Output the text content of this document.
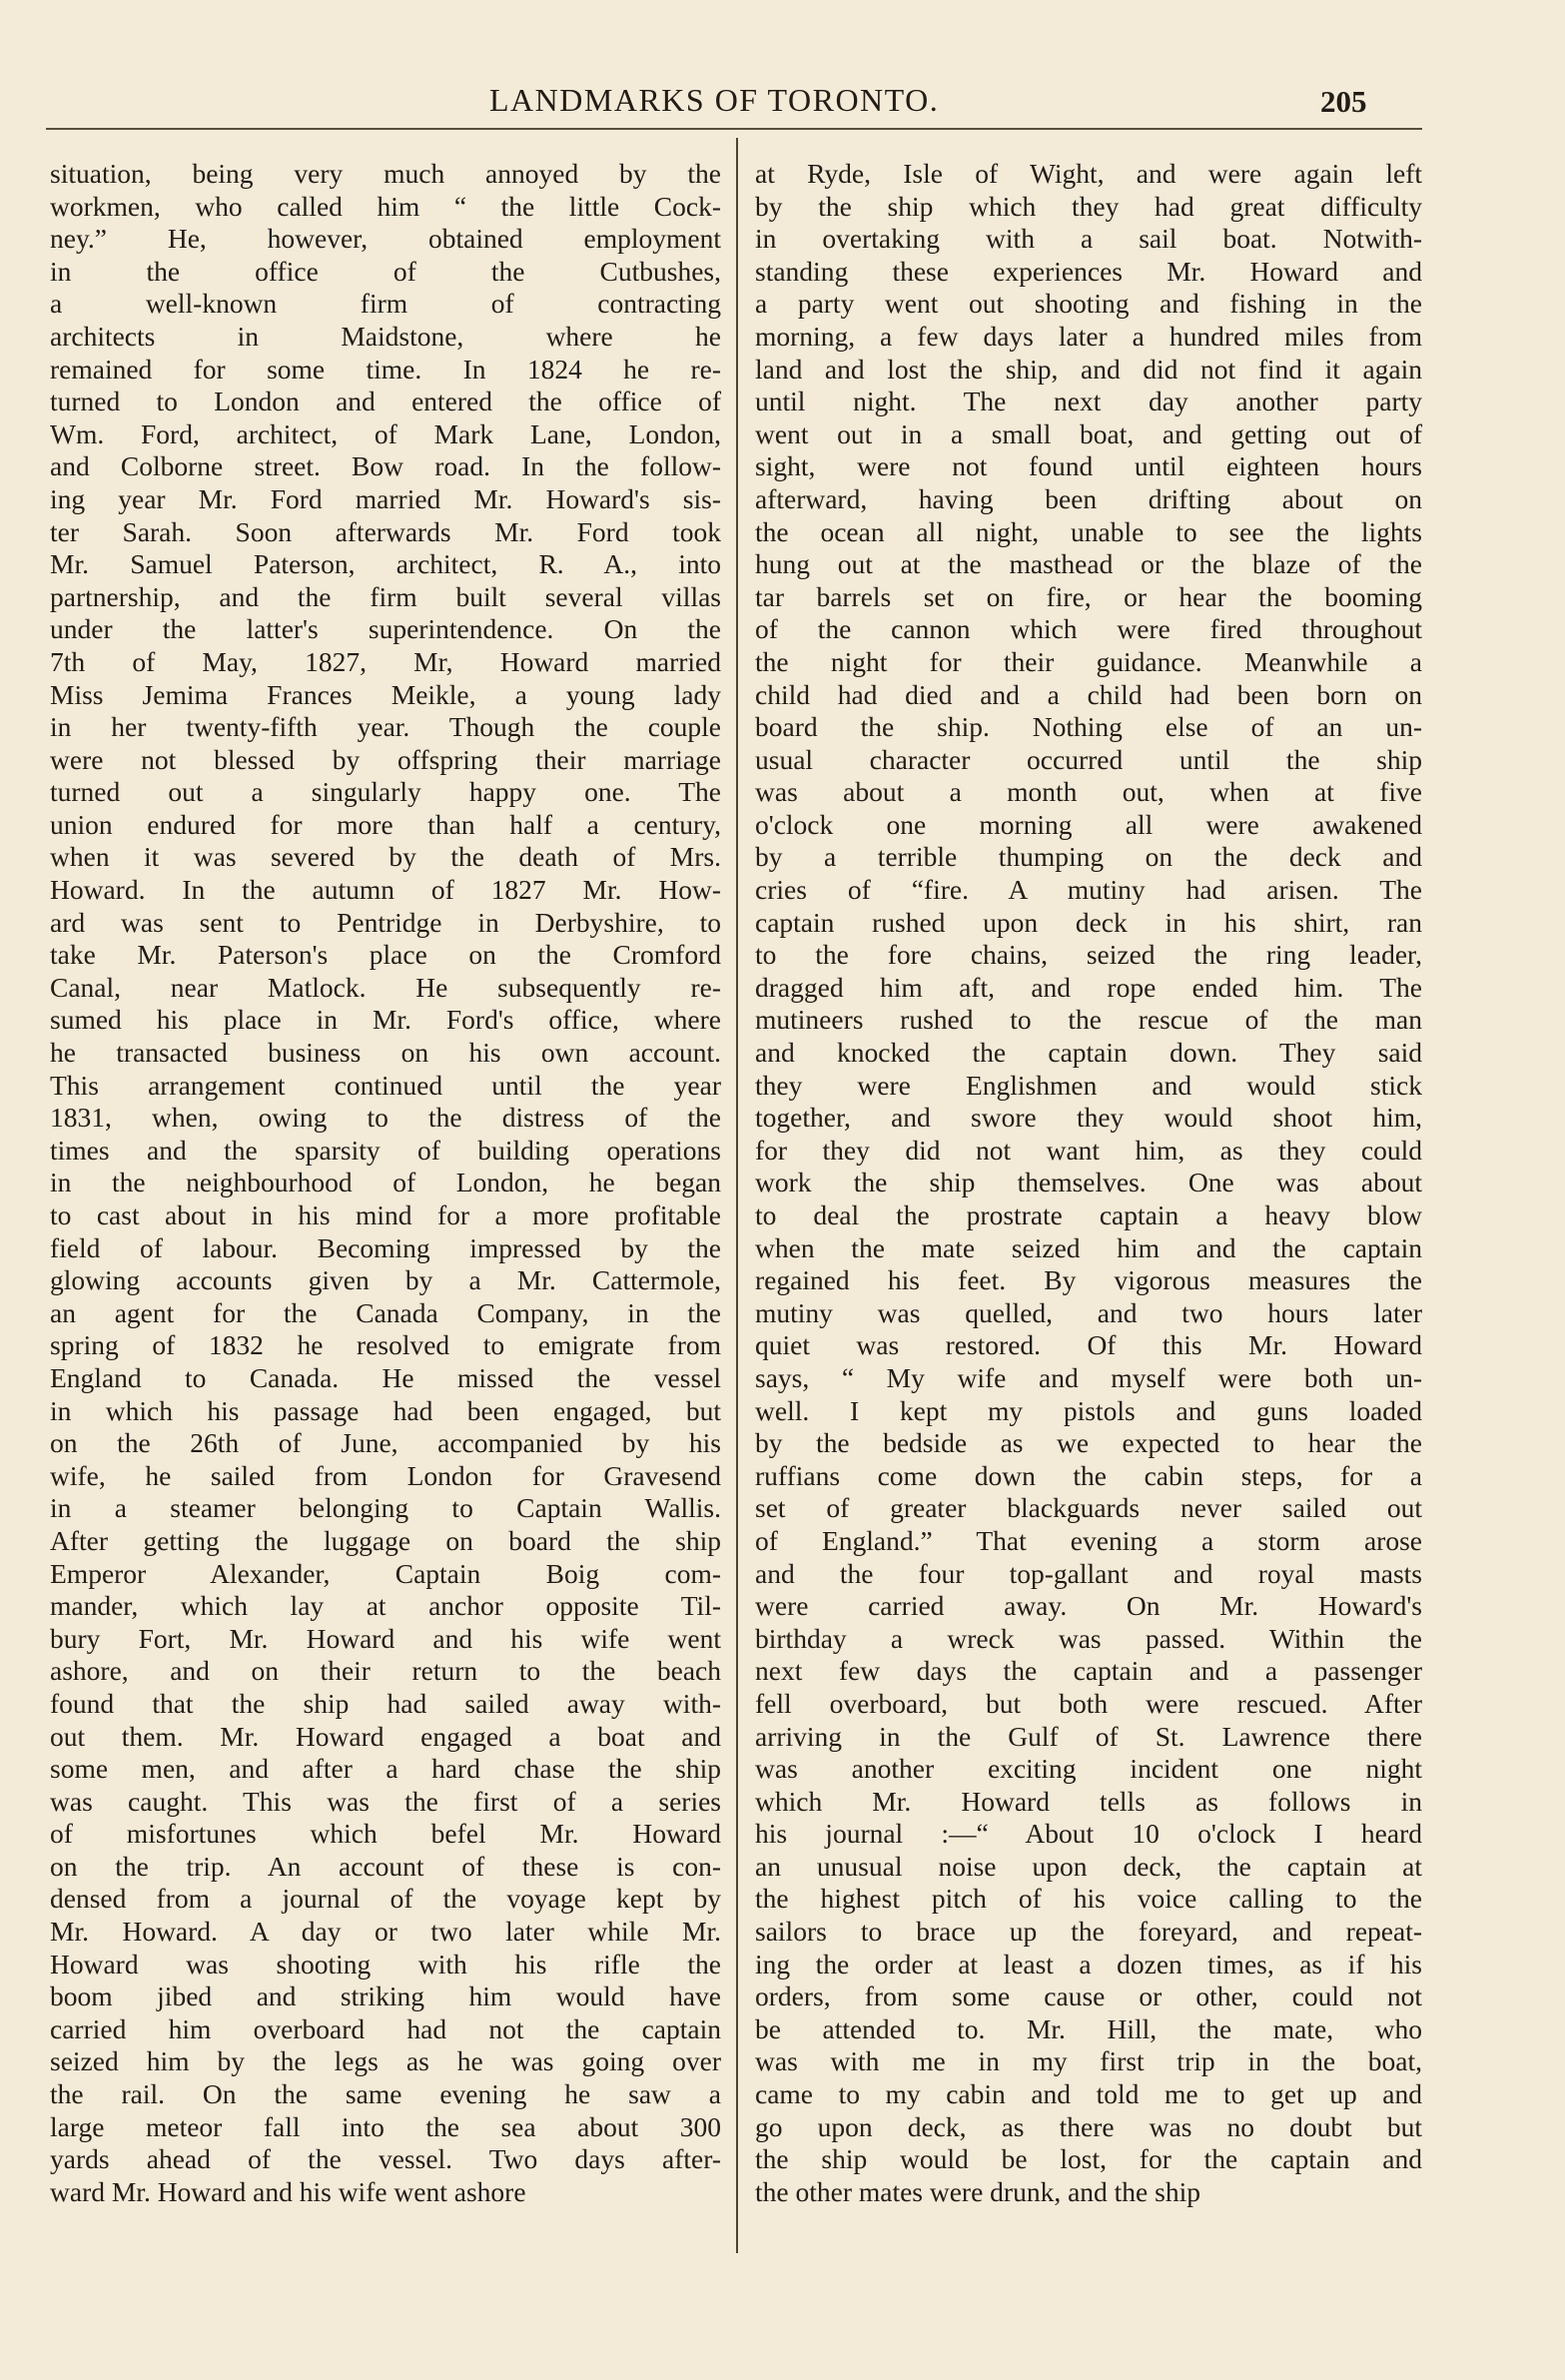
LANDMARKS OF TORONTO.	205
situation, being very much annoyed by the
workmen, who called him “ the little Cock-
ney.” He, however, obtained employment
in the office of the Cutbushes,
a well-known firm of contracting
architects in Maidstone, where he
remained for some time. In 1824 he re-
turned to London and entered the office of
Wm. Ford, architect, of Mark Lane, London,
and Colborne street. Bow road. In the follow-
ing year Mr. Ford married Mr. Howard's sis-
ter Sarah. Soon afterwards Mr. Ford took
Mr. Samuel Paterson, architect, R. A., into
partnership, and the firm built several villas
under the latter's superintendence. On the
7th of May, 1827, Mr, Howard married
Miss Jemima Frances Meikle, a young lady
in her twenty-fifth year. Though the couple
were not blessed by offspring their marriage
turned out a singularly happy one. The
union endured for more than half a century,
when it was severed by the death of Mrs.
Howard. In the autumn of 1827 Mr. How-
ard was sent to Pentridge in Derbyshire, to
take Mr. Paterson's place on the Cromford
Canal, near Matlock. He subsequently re-
sumed his place in Mr. Ford's office, where
he transacted business on his own account.
This arrangement continued until the year
1831, when, owing to the distress of the
times and the sparsity of building operations
in the neighbourhood of London, he began
to cast about in his mind for a more profitable
field of labour. Becoming impressed by the
glowing accounts given by a Mr. Cattermole,
an agent for the Canada Company, in the
spring of 1832 he resolved to emigrate from
England to Canada. He missed the vessel
in which his passage had been engaged, but
on the 26th of June, accompanied by his
wife, he sailed from London for Gravesend
in a steamer belonging to Captain Wallis.
After getting the luggage on board the ship
Emperor Alexander, Captain Boig com-
mander, which lay at anchor opposite Til-
bury Fort, Mr. Howard and his wife went
ashore, and on their return to the beach
found that the ship had sailed away with-
out them. Mr. Howard engaged a boat and
some men, and after a hard chase the ship
was caught. This was the first of a series
of misfortunes which befel Mr. Howard
on the trip. An account of these is con-
densed from a journal of the voyage kept by
Mr. Howard. A day or two later while Mr.
Howard was shooting with his rifle the
boom jibed and striking him would have
carried him overboard had not the captain
seized him by the legs as he was going over
the rail. On the same evening he saw a
large meteor fall into the sea about 300
yards ahead of the vessel. Two days after-
ward Mr. Howard and his wife went ashore
at Ryde, Isle of Wight, and were again left
by the ship which they had great difficulty
in overtaking with a sail boat. Notwith-
standing these experiences Mr. Howard and
a party went out shooting and fishing in the
morning, a few days later a hundred miles from
land and lost the ship, and did not find it again
until night. The next day another party
went out in a small boat, and getting out of
sight, were not found until eighteen hours
afterward, having been drifting about on
the ocean all night, unable to see the lights
hung out at the masthead or the blaze of the
tar barrels set on fire, or hear the booming
of the cannon which were fired throughout
the night for their guidance. Meanwhile a
child had died and a child had been born on
board the ship. Nothing else of an un-
usual character occurred until the ship
was about a month out, when at five
o'clock one morning all were awakened
by a terrible thumping on the deck and
cries of “fire. A mutiny had arisen. The
captain rushed upon deck in his shirt, ran
to the fore chains, seized the ring leader,
dragged him aft, and rope ended him. The
mutineers rushed to the rescue of the man
and knocked the captain down. They said
they were Englishmen and would stick
together, and swore they would shoot him,
for they did not want him, as they could
work the ship themselves. One was about
to deal the prostrate captain a heavy blow
when the mate seized him and the captain
regained his feet. By vigorous measures the
mutiny was quelled, and two hours later
quiet was restored. Of this Mr. Howard
says, “ My wife and myself were both un-
well. I kept my pistols and guns loaded
by the bedside as we expected to hear the
ruffians come down the cabin steps, for a
set of greater blackguards never sailed out
of England.” That evening a storm arose
and the four top-gallant and royal masts
were carried away. On Mr. Howard's
birthday a wreck was passed. Within the
next few days the captain and a passenger
fell overboard, but both were rescued. After
arriving in the Gulf of St. Lawrence there
was another exciting incident one night
which Mr. Howard tells as follows in
his journal :—“ About 10 o'clock I heard
an unusual noise upon deck, the captain at
the highest pitch of his voice calling to the
sailors to brace up the foreyard, and repeat-
ing the order at least a dozen times, as if his
orders, from some cause or other, could not
be attended to. Mr. Hill, the mate, who
was with me in my first trip in the boat,
came to my cabin and told me to get up and
go upon deck, as there was no doubt but
the ship would be lost, for the captain and
the other mates were drunk, and the ship
